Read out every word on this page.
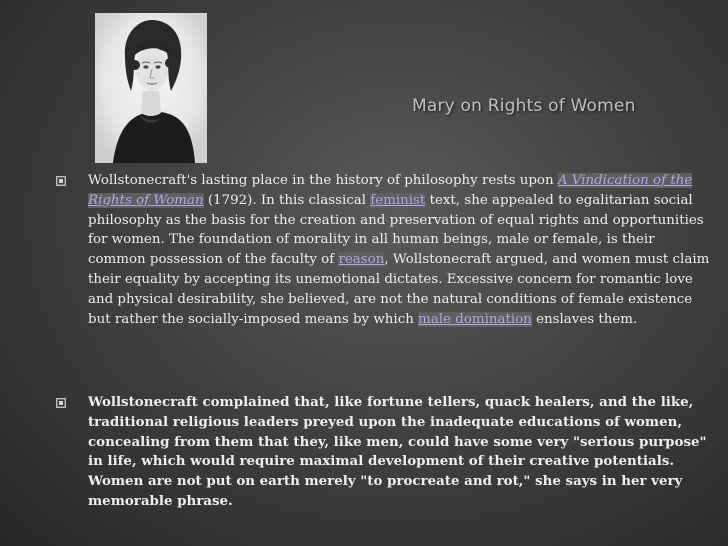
Mary on Rights of Women

Wollstonecraft's lasting place in the history of philosophy rests upon A Vindication of the Rights of Woman (1792). In this classical feminist text, she appealed to egalitarian social philosophy as the basis for the creation and preservation of equal rights and opportunities for women. The foundation of morality in all human beings, male or female, is their common possession of the faculty of reason, Wollstonecraft argued, and women must claim their equality by accepting its unemotional dictates. Excessive concern for romantic love and physical desirability, she believed, are not the natural conditions of female existence but rather the socially-imposed means by which male domination enslaves them.

Wollstonecraft complained that, like fortune tellers, quack healers, and the like, traditional religious leaders preyed upon the inadequate educations of women, concealing from them that they, like men, could have some very "serious purpose" in life, which would require maximal development of their creative potentials. Women are not put on earth merely "to procreate and rot," she says in her very memorable phrase.
